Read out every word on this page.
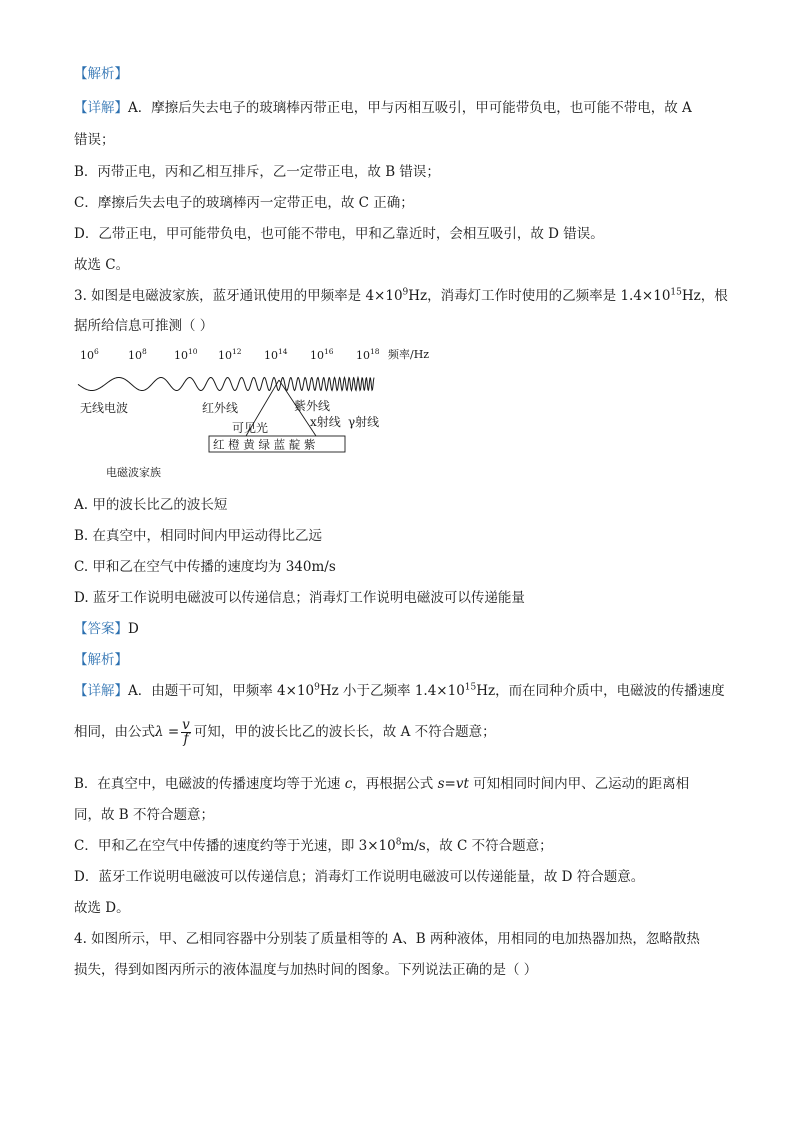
【解析】
【详解】A．摩擦后失去电子的玻璃棒丙带正电，甲与丙相互吸引，甲可能带负电，也可能不带电，故 A
错误；
B．丙带正电，丙和乙相互排斥，乙一定带正电，故 B 错误；
C．摩擦后失去电子的玻璃棒丙一定带正电，故 C 正确；
D．乙带正电，甲可能带负电，也可能不带电，甲和乙靠近时，会相互吸引，故 D 错误。
故选 C。
3. 如图是电磁波家族，蓝牙通讯使用的甲频率是 $4\times 10^9Hz$，消毒灯工作时使用的乙频率是 $1.4\times 10^{15}Hz$，根
据所给信息可推测（ ）
$10^6$	$10^8$ $10^{10}$ $10^{12}$ $10^{14}$ $10^{16}$ $10^{18}$ 频率/Hz
无线电波	红外线	紫外线
x射线 γ射线
可见光
红 橙 黄 绿 蓝 靛 紫
电磁波家族
A. 甲的波长比乙的波长短
B. 在真空中，相同时间内甲运动得比乙远
C. 甲和乙在空气中传播的速度均为 340m/s
D. 蓝牙工作说明电磁波可以传递信息；消毒灯工作说明电磁波可以传递能量
【答案】D
【解析】
【详解】A．由题干可知，甲频率 $4\times 10^9Hz$ 小于乙频率 $1.4\times 10^{15}Hz$，而在同种介质中，电磁波的传播速度
相同，由公式$\lambda = \frac{v}{f}$ 可知，甲的波长比乙的波长长，故 A 不符合题意；
B．在真空中，电磁波的传播速度均等于光速 c，再根据公式 s=vt 可知相同时间内甲、乙运动的距离相
同，故 B 不符合题意；
C．甲和乙在空气中传播的速度约等于光速，即 $3\times 10^8m/s$，故 C 不符合题意；
D．蓝牙工作说明电磁波可以传递信息；消毒灯工作说明电磁波可以传递能量，故 D 符合题意。
故选 D。
4. 如图所示，甲、乙相同容器中分别装了质量相等的 A、B 两种液体，用相同的电加热器加热，忽略散热
损失，得到如图丙所示的液体温度与加热时间的图象。下列说法正确的是（ ）
